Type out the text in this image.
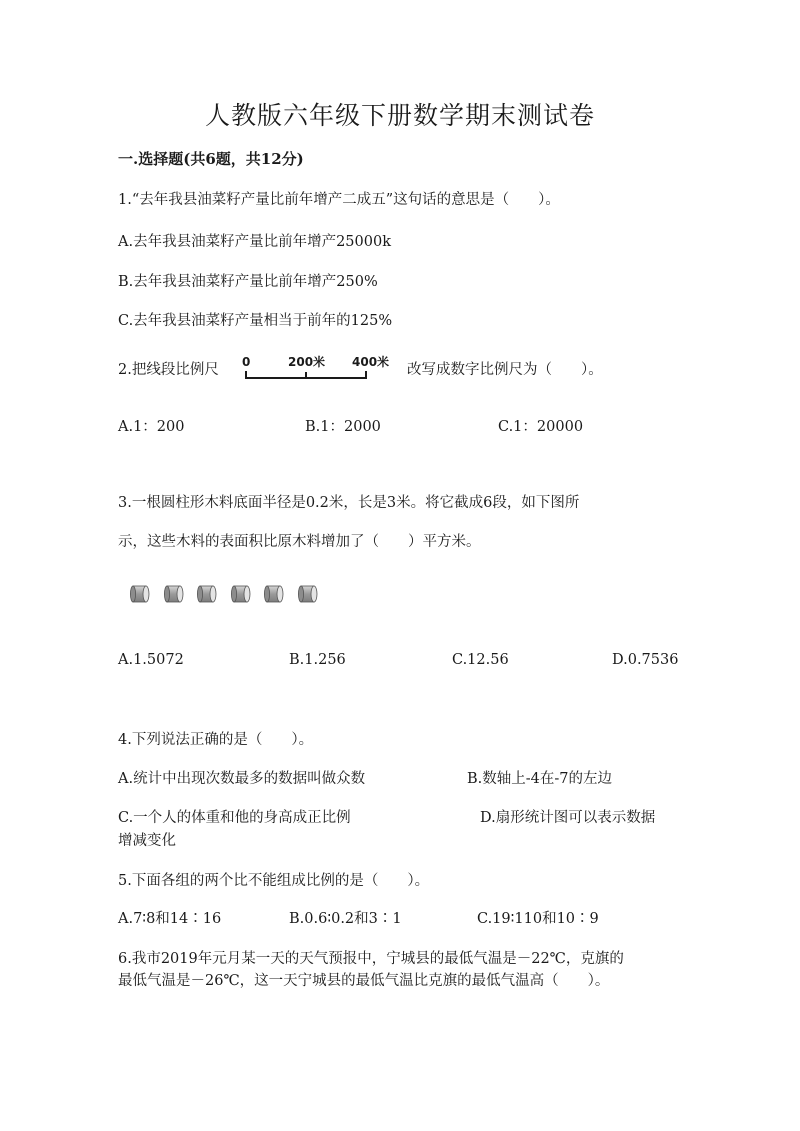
人教版六年级下册数学期末测试卷
一.选择题(共6题，共12分)
1.“去年我县油菜籽产量比前年增产二成五”这句话的意思是（　　）。
A.去年我县油菜籽产量比前年增产25000k
B.去年我县油菜籽产量比前年增产250%
C.去年我县油菜籽产量相当于前年的125%
2.把线段比例尺 0	200米 400米 改写成数字比例尺为（　　）。
A.1：200	B.1：2000	C.1：20000
3.一根圆柱形木料底面半径是0.2米，长是3米。将它截成6段，如下图所
示，这些木料的表面积比原木料增加了（　　）平方米。
A.1.5072	B.1.256	C.12.56	D.0.7536
4.下列说法正确的是（　　）。
A.统计中出现次数最多的数据叫做众数	B.数轴上-4在-7的左边
C.一个人的体重和他的身高成正比例	D.扇形统计图可以表示数据
增减变化
5.下面各组的两个比不能组成比例的是（　　）。
A.7∶8和14∶16	B.0.6∶0.2和3∶1	C.19∶110和10∶9
6.我市2019年元月某一天的天气预报中，宁城县的最低气温是－22℃，克旗的
最低气温是－26℃，这一天宁城县的最低气温比克旗的最低气温高（　　）。
